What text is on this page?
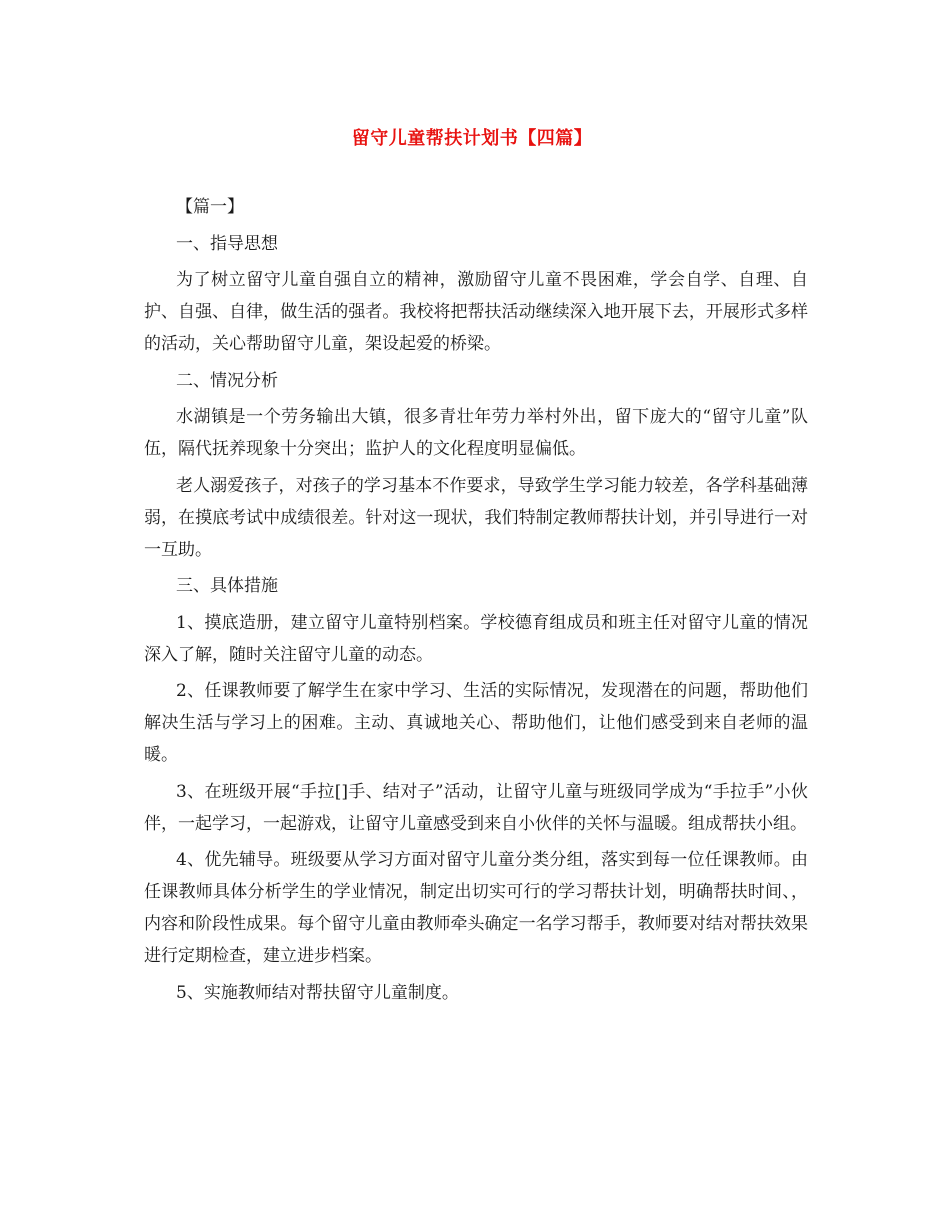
留守儿童帮扶计划书【四篇】

【篇一】

一、指导思想

为了树立留守儿童自强自立的精神，激励留守儿童不畏困难，学会自学、自理、自护、自强、自律，做生活的强者。我校将把帮扶活动继续深入地开展下去，开展形式多样的活动，关心帮助留守儿童，架设起爱的桥梁。

二、情况分析

水湖镇是一个劳务输出大镇，很多青壮年劳力举村外出，留下庞大的“留守儿童”队伍，隔代抚养现象十分突出；监护人的文化程度明显偏低。

老人溺爱孩子，对孩子的学习基本不作要求，导致学生学习能力较差，各学科基础薄弱，在摸底考试中成绩很差。针对这一现状，我们特制定教师帮扶计划，并引导进行一对一互助。

三、具体措施

1、摸底造册，建立留守儿童特别档案。学校德育组成员和班主任对留守儿童的情况深入了解，随时关注留守儿童的动态。

2、任课教师要了解学生在家中学习、生活的实际情况，发现潜在的问题，帮助他们解决生活与学习上的困难。主动、真诚地关心、帮助他们，让他们感受到来自老师的温暖。

3、在班级开展“手拉[]手、结对子”活动，让留守儿童与班级同学成为“手拉手”小伙伴，一起学习，一起游戏，让留守儿童感受到来自小伙伴的关怀与温暖。组成帮扶小组。

4、优先辅导。班级要从学习方面对留守儿童分类分组，落实到每一位任课教师。由任课教师具体分析学生的学业情况，制定出切实可行的学习帮扶计划，明确帮扶时间、，内容和阶段性成果。每个留守儿童由教师牵头确定一名学习帮手，教师要对结对帮扶效果进行定期检查，建立进步档案。

5、实施教师结对帮扶留守儿童制度。
